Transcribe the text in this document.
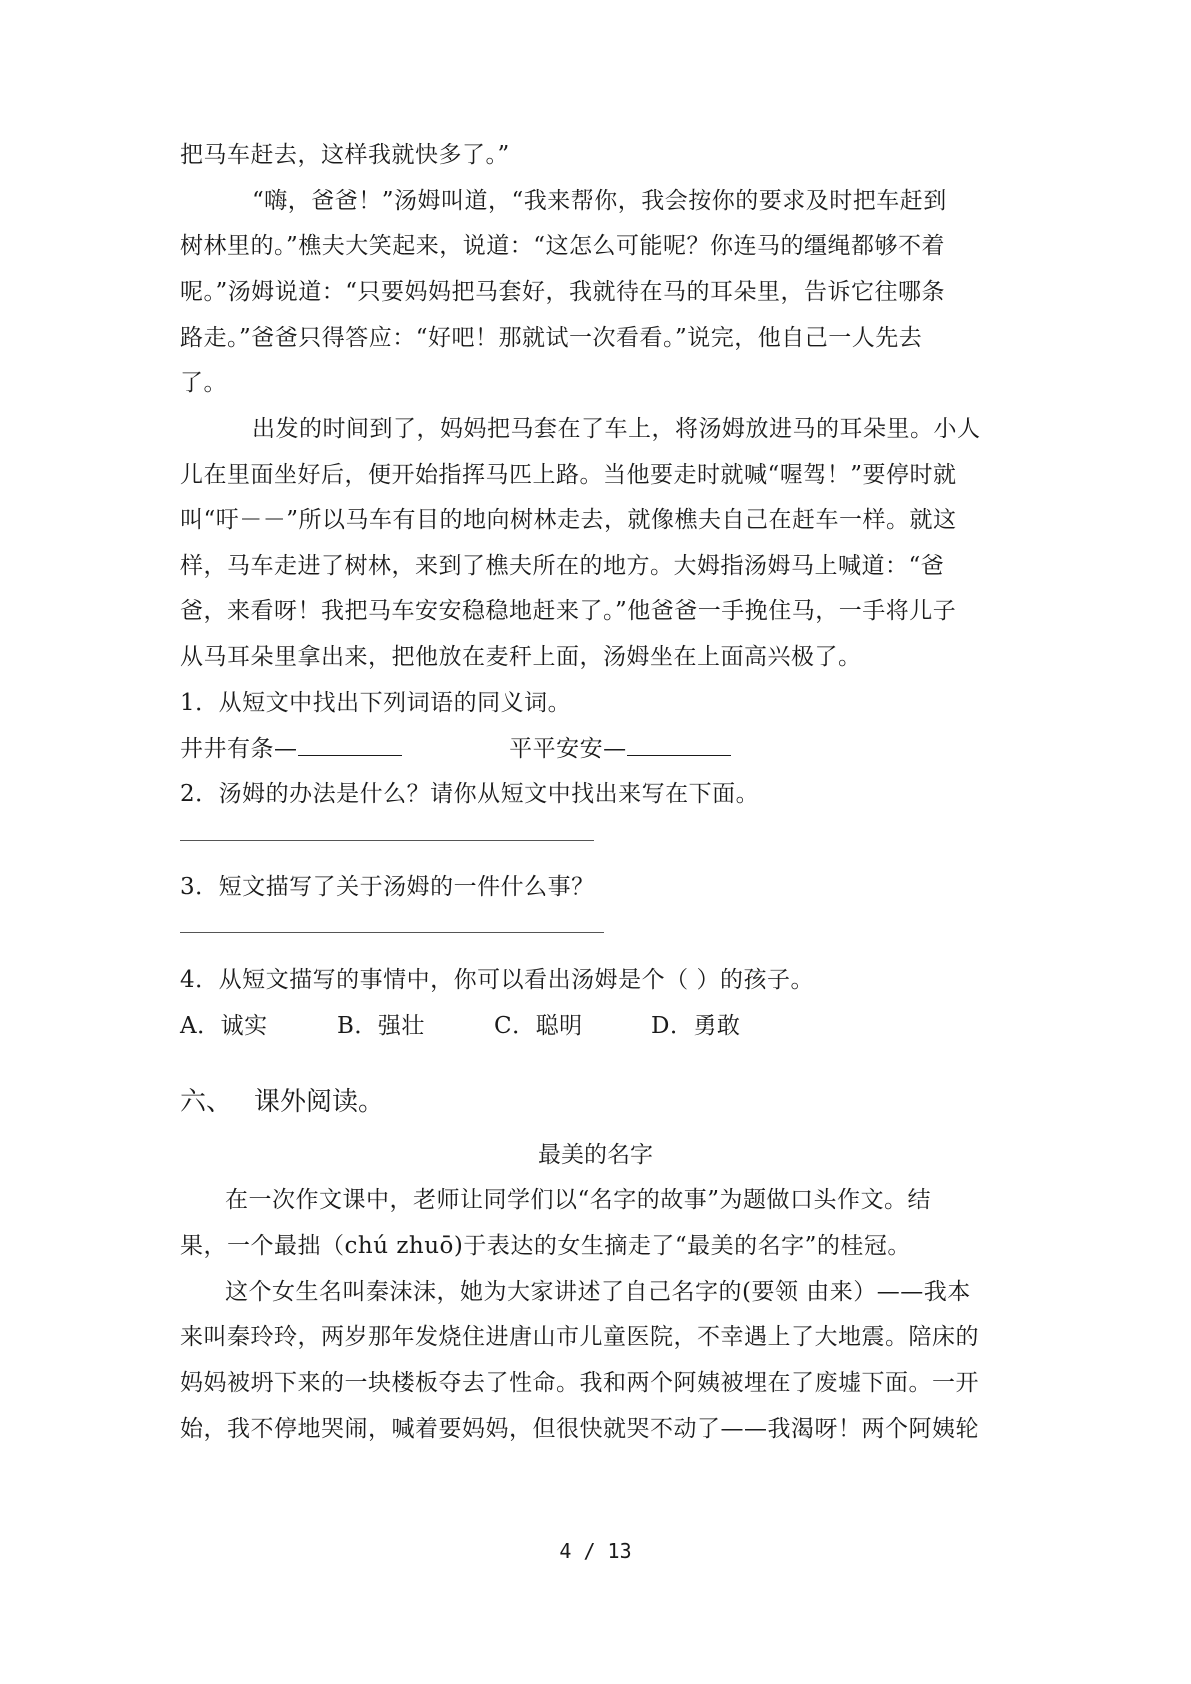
把马车赶去，这样我就快多了。”
“嗨，爸爸！”汤姆叫道，“我来帮你，我会按你的要求及时把车赶到
树林里的。”樵夫大笑起来，说道：“这怎么可能呢？你连马的缰绳都够不着
呢。”汤姆说道：“只要妈妈把马套好，我就待在马的耳朵里，告诉它往哪条
路走。”爸爸只得答应：“好吧！那就试一次看看。”说完，他自己一人先去
了。
出发的时间到了，妈妈把马套在了车上，将汤姆放进马的耳朵里。小人
儿在里面坐好后，便开始指挥马匹上路。当他要走时就喊“喔驾！”要停时就
叫“吁－－”所以马车有目的地向树林走去，就像樵夫自己在赶车一样。就这
样，马车走进了树林，来到了樵夫所在的地方。大姆指汤姆马上喊道：“爸
爸，来看呀！我把马车安安稳稳地赶来了。”他爸爸一手挽住马，一手将儿子
从马耳朵里拿出来，把他放在麦秆上面，汤姆坐在上面高兴极了。
1．从短文中找出下列词语的同义词。
井井有条—	平平安安—
2．汤姆的办法是什么？请你从短文中找出来写在下面。
3．短文描写了关于汤姆的一件什么事？
4．从短文描写的事情中，你可以看出汤姆是个（ ）的孩子。
A．诚实	B．强壮	C．聪明	D．勇敢
六、 课外阅读。
最美的名字
在一次作文课中，老师让同学们以“名字的故事”为题做口头作文。结
果，一个最拙（chú zhuō)于表达的女生摘走了“最美的名字”的桂冠。
这个女生名叫秦沫沫，她为大家讲述了自己名字的(要领 由来）——我本
来叫秦玲玲，两岁那年发烧住进唐山市儿童医院，不幸遇上了大地震。陪床的
妈妈被坍下来的一块楼板夺去了性命。我和两个阿姨被埋在了废墟下面。一开
始，我不停地哭闹，喊着要妈妈，但很快就哭不动了——我渴呀！两个阿姨轮
4 / 13
